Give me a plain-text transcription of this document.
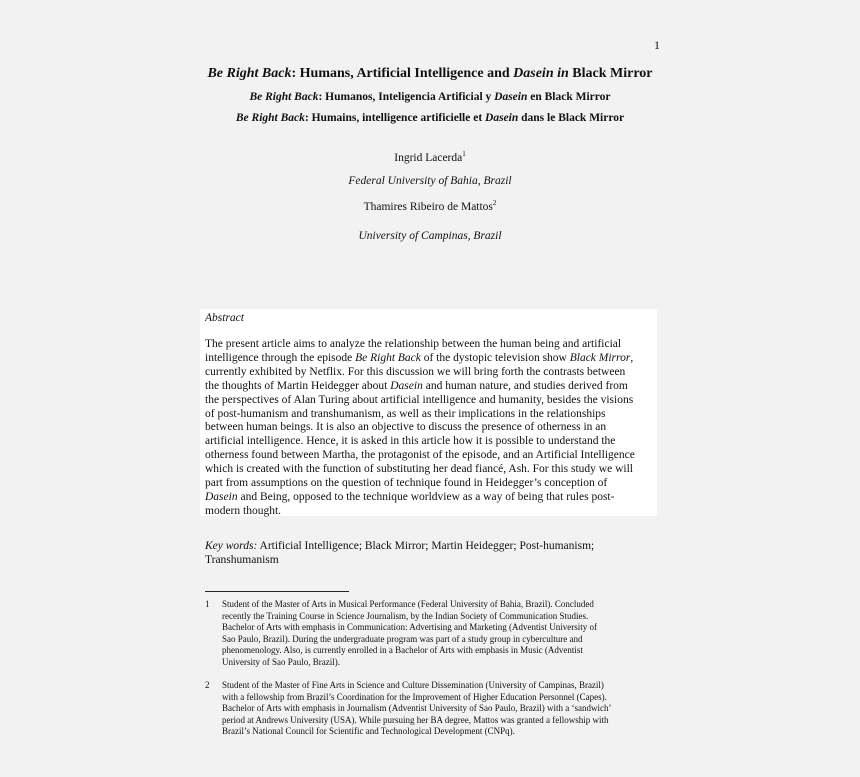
1
Be Right Back: Humans, Artificial Intelligence and Dasein in Black Mirror
Be Right Back: Humanos, Inteligencia Artificial y Dasein en Black Mirror
Be Right Back: Humains, intelligence artificielle et Dasein dans le Black Mirror
Ingrid Lacerda$^1$
Federal University of Bahia, Brazil
Thamires Ribeiro de Mattos$^2$
University of Campinas, Brazil
Abstract
The present article aims to analyze the relationship between the human being and artificial
intelligence through the episode Be Right Back of the dystopic television show Black Mirror,
currently exhibited by Netflix. For this discussion we will bring forth the contrasts between
the thoughts of Martin Heidegger about Dasein and human nature, and studies derived from
the perspectives of Alan Turing about artificial intelligence and humanity, besides the visions
of post-humanism and transhumanism, as well as their implications in the relationships
between human beings. It is also an objective to discuss the presence of otherness in an
artificial intelligence. Hence, it is asked in this article how it is possible to understand the
otherness found between Martha, the protagonist of the episode, and an Artificial Intelligence
which is created with the function of substituting her dead fiancé, Ash. For this study we will
part from assumptions on the question of technique found in Heidegger’s conception of
Dasein and Being, opposed to the technique worldview as a way of being that rules post-
modern thought.
Key words: Artificial Intelligence; Black Mirror; Martin Heidegger; Post-humanism;
Transhumanism
1 Student of the Master of Arts in Musical Performance (Federal University of Bahia, Brazil). Concluded
recently the Training Course in Science Journalism, by the Indian Society of Communication Studies.
Bachelor of Arts with emphasis in Communication: Advertising and Marketing (Adventist University of
Sao Paulo, Brazil). During the undergraduate program was part of a study group in cyberculture and
phenomenology. Also, is currently enrolled in a Bachelor of Arts with emphasis in Music (Adventist
University of Sao Paulo, Brazil).
2 Student of the Master of Fine Arts in Science and Culture Dissemination (University of Campinas, Brazil)
with a fellowship from Brazil’s Coordination for the Improvement of Higher Education Personnel (Capes).
Bachelor of Arts with emphasis in Journalism (Adventist University of Sao Paulo, Brazil) with a ‘sandwich’
period at Andrews University (USA). While pursuing her BA degree, Mattos was granted a fellowship with
Brazil’s National Council for Scientific and Technological Development (CNPq).
